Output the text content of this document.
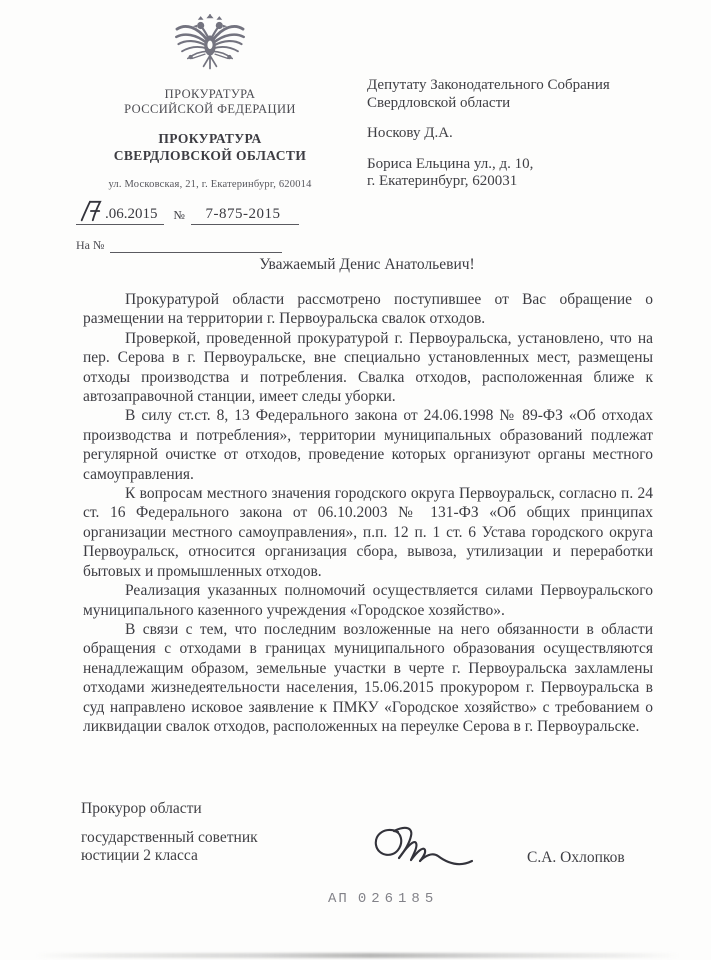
ПРОКУРАТУРА
РОССИЙСКОЙ ФЕДЕРАЦИИ
ПРОКУРАТУРА
СВЕРДЛОВСКОЙ ОБЛАСТИ
ул. Московская, 21, г. Екатеринбург, 620014
.06.2015 №	7-875-2015
На №
Депутату Законодательного Собрания
Свердловской области
Носкову Д.А.
Бориса Ельцина ул., д. 10,
г. Екатеринбург, 620031
Уважаемый Денис Анатольевич!

Прокуратурой области рассмотрено поступившее от Вас обращение о размещении на территории г. Первоуральска свалок отходов.

Проверкой, проведенной прокуратурой г. Первоуральска, установлено, что на пер. Серова в г. Первоуральске, вне специально установленных мест, размещены отходы производства и потребления. Свалка отходов, расположенная ближе к автозаправочной станции, имеет следы уборки.

В силу ст.ст. 8, 13 Федерального закона от 24.06.1998 № 89-ФЗ «Об отходах производства и потребления», территории муниципальных образований подлежат регулярной очистке от отходов, проведение которых организуют органы местного самоуправления.

К вопросам местного значения городского округа Первоуральск, согласно п. 24 ст. 16 Федерального закона от 06.10.2003 № 131-ФЗ «Об общих принципах организации местного самоуправления», п.п. 12 п. 1 ст. 6 Устава городского округа Первоуральск, относится организация сбора, вывоза, утилизации и переработки бытовых и промышленных отходов.

Реализация указанных полномочий осуществляется силами Первоуральского муниципального казенного учреждения «Городское хозяйство».

В связи с тем, что последним возложенные на него обязанности в области обращения с отходами в границах муниципального образования осуществляются ненадлежащим образом, земельные участки в черте г. Первоуральска захламлены отходами жизнедеятельности населения, 15.06.2015 прокурором г. Первоуральска в суд направлено исковое заявление к ПМКУ «Городское хозяйство» с требованием о ликвидации свалок отходов, расположенных на переулке Серова в г. Первоуральске.

Прокурор области
государственный советник
юстиции 2 класса	С.А. Охлопков
АП 026185
